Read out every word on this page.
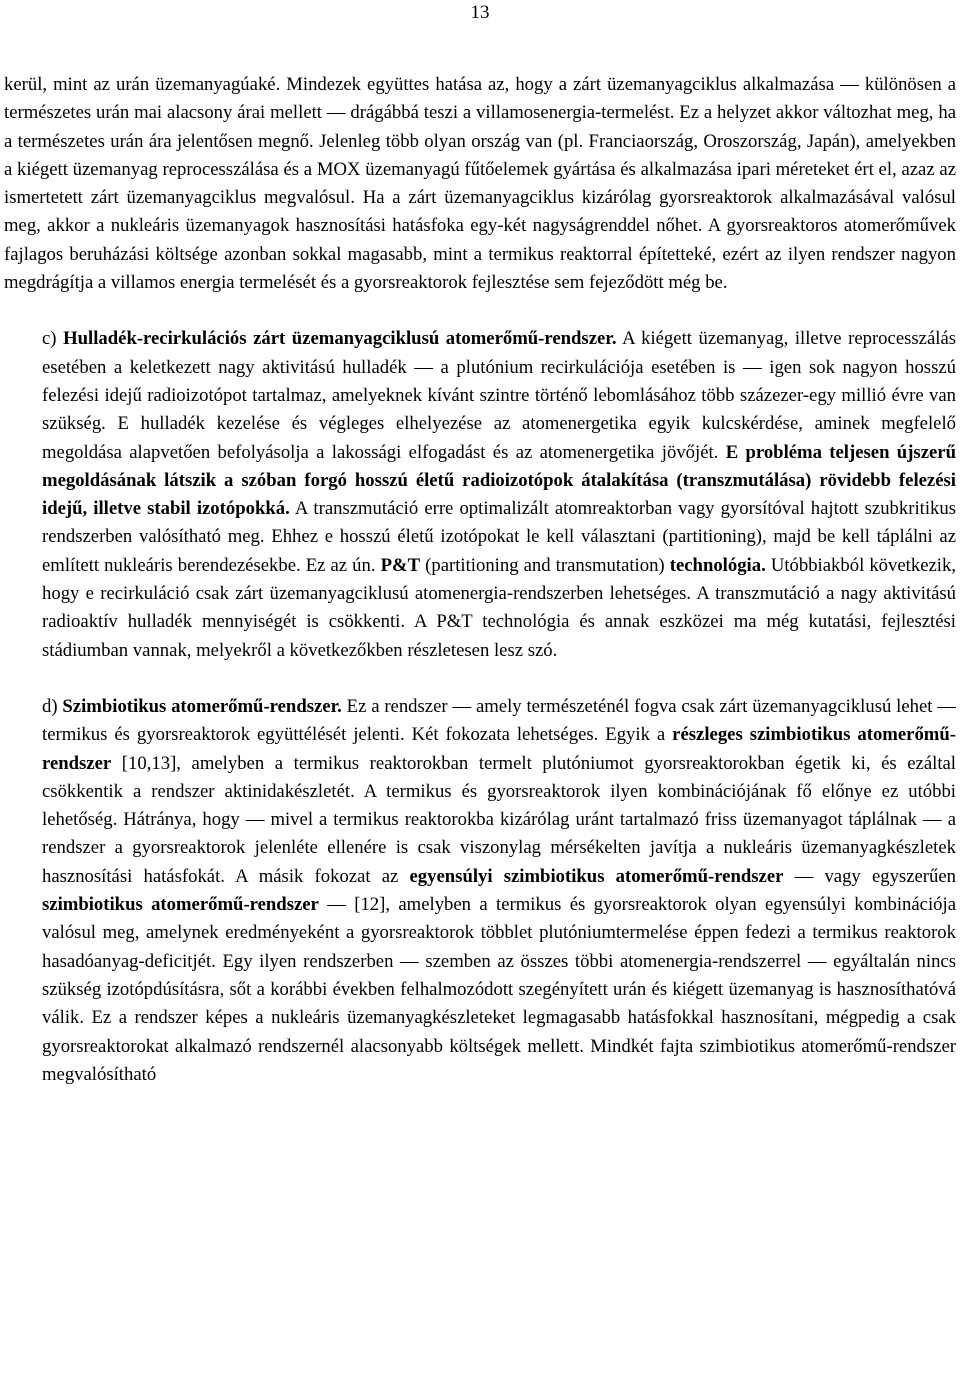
13

kerül, mint az urán üzemanyagúaké. Mindezek együttes hatása az, hogy a zárt üzemanyagciklus alkalmazása — különösen a természetes urán mai alacsony árai mellett — drágábbá teszi a villamosenergia-termelést. Ez a helyzet akkor változhat meg, ha a természetes urán ára jelentősen megnő. Jelenleg több olyan ország van (pl. Franciaország, Oroszország, Japán), amelyekben a kiégett üzemanyag reprocesszálása és a MOX üzemanyagú fűtőelemek gyártása és alkalmazása ipari méreteket ért el, azaz az ismertetett zárt üzemanyagciklus megvalósul. Ha a zárt üzemanyagciklus kizárólag gyorsreaktorok alkalmazásával valósul meg, akkor a nukleáris üzemanyagok hasznosítási hatásfoka egy-két nagyságrenddel nőhet. A gyorsreaktoros atomerőművek fajlagos beruházási költsége azonban sokkal magasabb, mint a termikus reaktorral építetteké, ezért az ilyen rendszer nagyon megdrágítja a villamos energia termelését és a gyorsreaktorok fejlesztése sem fejeződött még be.

c) Hulladék-recirkulációs zárt üzemanyagciklusú atomerőmű-rendszer. A kiégett üzemanyag, illetve reprocesszálás esetében a keletkezett nagy aktivitású hulladék — a plutónium recirkulációja esetében is — igen sok nagyon hosszú felezési idejű radioizotópot tartalmaz, amelyeknek kívánt szintre történő lebomlásához több százezer-egy millió évre van szükség. E hulladék kezelése és végleges elhelyezése az atomenergetika egyik kulcskérdése, aminek megfelelő megoldása alapvetően befolyásolja a lakossági elfogadást és az atomenergetika jövőjét. E probléma teljesen újszerű megoldásának látszik a szóban forgó hosszú életű radioizotópok átalakítása (transzmutálása) rövidebb felezési idejű, illetve stabil izotópokká. A transzmutáció erre optimalizált atomreaktorban vagy gyorsítóval hajtott szubkritikus rendszerben valósítható meg. Ehhez e hosszú életű izotópokat le kell választani (partitioning), majd be kell táplálni az említett nukleáris berendezésekbe. Ez az ún. P&T (partitioning and transmutation) technológia. Utóbbiakból következik, hogy e recirkuláció csak zárt üzemanyagciklusú atomenergia-rendszerben lehetséges. A transzmutáció a nagy aktivitású radioaktív hulladék mennyiségét is csökkenti. A P&T technológia és annak eszközei ma még kutatási, fejlesztési stádiumban vannak, melyekről a következőkben részletesen lesz szó.

d) Szimbiotikus atomerőmű-rendszer. Ez a rendszer — amely természeténél fogva csak zárt üzemanyagciklusú lehet — termikus és gyorsreaktorok együttélését jelenti. Két fokozata lehetséges. Egyik a részleges szimbiotikus atomerőmű-rendszer [10,13], amelyben a termikus reaktorokban termelt plutóniumot gyorsreaktorokban égetik ki, és ezáltal csökkentik a rendszer aktinidakészletét. A termikus és gyorsreaktorok ilyen kombinációjának fő előnye ez utóbbi lehetőség. Hátránya, hogy — mivel a termikus reaktorokba kizárólag uránt tartalmazó friss üzemanyagot táplálnak — a rendszer a gyorsreaktorok jelenléte ellenére is csak viszonylag mérsékelten javítja a nukleáris üzemanyagkészletek hasznosítási hatásfokát. A másik fokozat az egyensúlyi szimbiotikus atomerőmű-rendszer — vagy egyszerűen szimbiotikus atomerőmű-rendszer — [12], amelyben a termikus és gyorsreaktorok olyan egyensúlyi kombinációja valósul meg, amelynek eredményeként a gyorsreaktorok többlet plutóniumtermelése éppen fedezi a termikus reaktorok hasadóanyag-deficitjét. Egy ilyen rendszerben — szemben az összes többi atomenergia-rendszerrel — egyáltalán nincs szükség izotópdúsításra, sőt a korábbi években felhalmozódott szegényített urán és kiégett üzemanyag is hasznosíthatóvá válik. Ez a rendszer képes a nukleáris üzemanyagkészleteket legmagasabb hatásfokkal hasznosítani, mégpedig a csak gyorsreaktorokat alkalmazó rendszernél alacsonyabb költségek mellett. Mindkét fajta szimbiotikus atomerőmű-rendszer megvalósítható
